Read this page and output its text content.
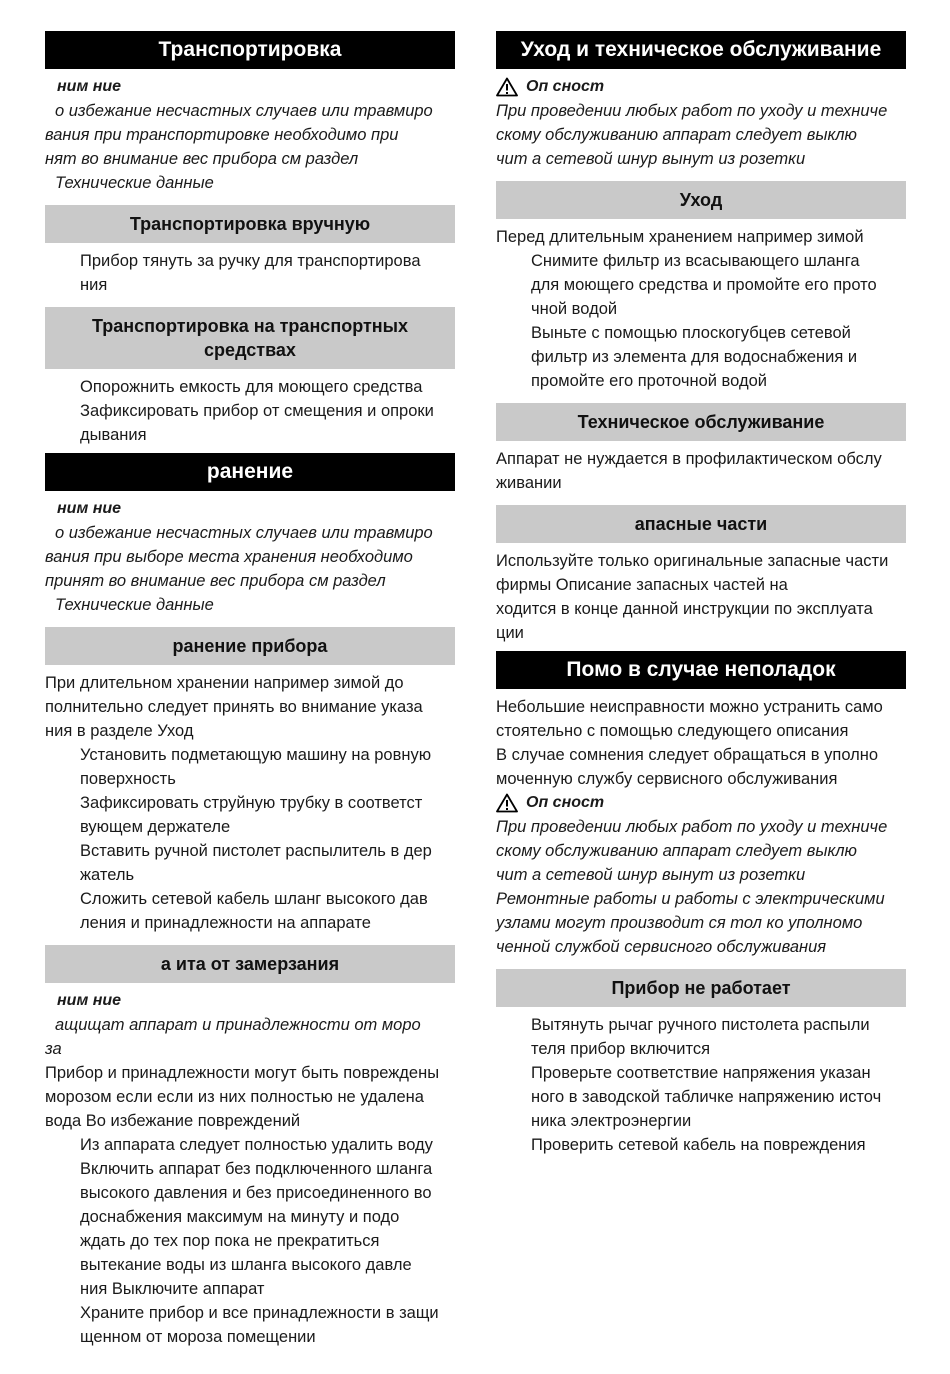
Транспортировка
ним ние
о избежание несчастных случаев или травмиро
вания при транспортировке необходимо при
нят во внимание вес прибора см раздел
Технические данные
Транспортировка вручную
Прибор тянуть за ручку для транспортирова
ния
Транспортировка на транспортных
средствах
Опорожнить емкость для моющего средства
Зафиксировать прибор от смещения и опроки
дывания
ранение
ним ние
о избежание несчастных случаев или травмиро
вания при выборе места хранения необходимо
принят во внимание вес прибора см раздел
Технические данные
ранение прибора
При длительном хранении например зимой до
полнительно следует принять во внимание указа
ния в разделе Уход
Установить подметающую машину на ровную
поверхность
Зафиксировать струйную трубку в соответст
вующем держателе
Вставить ручной пистолет распылитель в дер
жатель
Сложить сетевой кабель шланг высокого дав
ления и принадлежности на аппарате
а ита от замерзания
ним ние
ащищат аппарат и принадлежности от моро
за
Прибор и принадлежности могут быть повреждены
морозом если если из них полностью не удалена
вода Во избежание повреждений
Из аппарата следует полностью удалить воду
Включить аппарат без подключенного шланга
высокого давления и без присоединенного во
доснабжения максимум на минуту и подо
ждать до тех пор пока не прекратиться
вытекание воды из шланга высокого давле
ния Выключите аппарат
Храните прибор и все принадлежности в защи
щенном от мороза помещении
Уход и техническое обслуживание
Оп сност
При проведении любых работ по уходу и техниче
скому обслуживанию аппарат следует выклю
чит а сетевой шнур вынут из розетки
Уход
Перед длительным хранением например зимой
Снимите фильтр из всасывающего шланга
для моющего средства и промойте его прото
чной водой
Выньте с помощью плоскогубцев сетевой
фильтр из элемента для водоснабжения и
промойте его проточной водой
Техническое обслуживание
Аппарат не нуждается в профилактическом обслу
живании
апасные части
Используйте только оригинальные запасные части
фирмы Описание запасных частей на
ходится в конце данной инструкции по эксплуата
ции
Помо в случае неполадок
Небольшие неисправности можно устранить само
стоятельно с помощью следующего описания
В случае сомнения следует обращаться в уполно
моченную службу сервисного обслуживания
Оп сност
При проведении любых работ по уходу и техниче
скому обслуживанию аппарат следует выклю
чит а сетевой шнур вынут из розетки
Ремонтные работы и работы с электрическими
узлами могут производит ся тол ко уполномо
ченной службой сервисного обслуживания
Прибор не работает
Вытянуть рычаг ручного пистолета распыли
теля прибор включится
Проверьте соответствие напряжения указан
ного в заводской табличке напряжению источ
ника электроэнергии
Проверить сетевой кабель на повреждения
